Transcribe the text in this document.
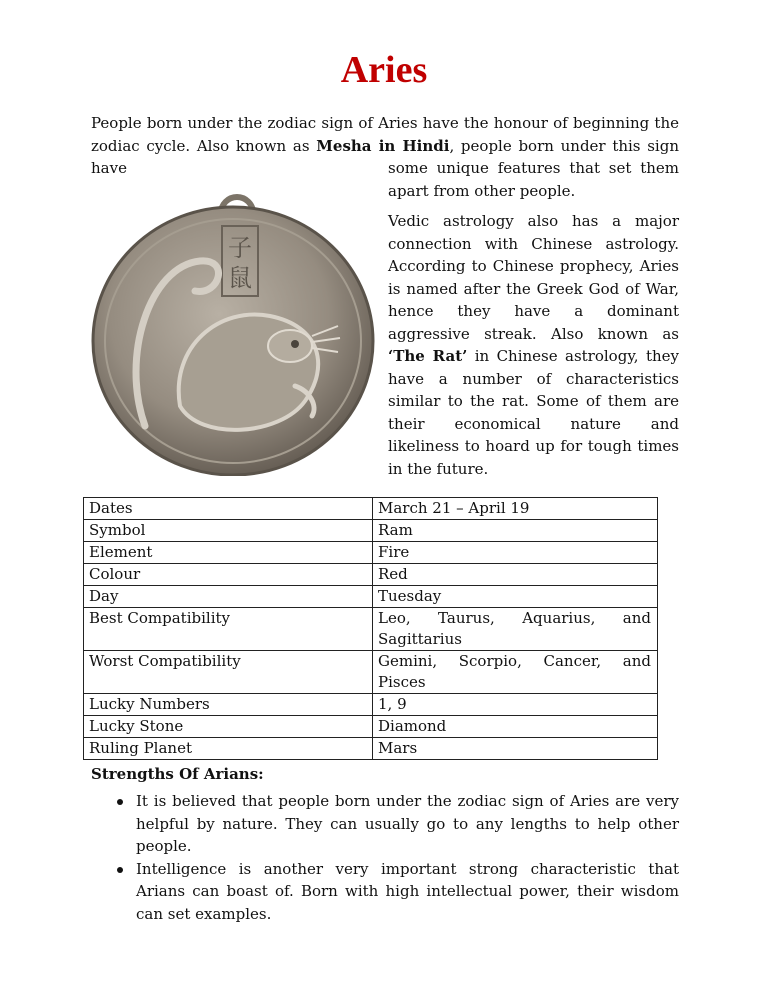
Aries
People born under the zodiac sign of Aries have the honour of beginning the zodiac cycle. Also known as Mesha in Hindi, people born under this sign have	some unique features that set them apart from other people.
Vedic astrology also has a major connection with Chinese astrology. According to Chinese prophecy, Aries is named after the Greek God of War, hence they have a dominant aggressive streak. Also known as ‘The Rat’ in Chinese astrology, they have a number of characteristics similar to the rat. Some of them are their economical nature and likeliness to hoard up for tough times in the future.
子
鼠
Dates	March 21 – April 19
Symbol	Ram
Element	Fire
Colour	Red
Day	Tuesday
Best Compatibility	Leo, Taurus, Aquarius, and Sagittarius
Worst Compatibility	Gemini, Scorpio, Cancer, and Pisces
Lucky Numbers	1, 9
Lucky Stone	Diamond
Ruling Planet	Mars
Strengths Of Arians:
It is believed that people born under the zodiac sign of Aries are very helpful by nature. They can usually go to any lengths to help other people.
Intelligence is another very important strong characteristic that Arians can boast of. Born with high intellectual power, their wisdom can set examples.
